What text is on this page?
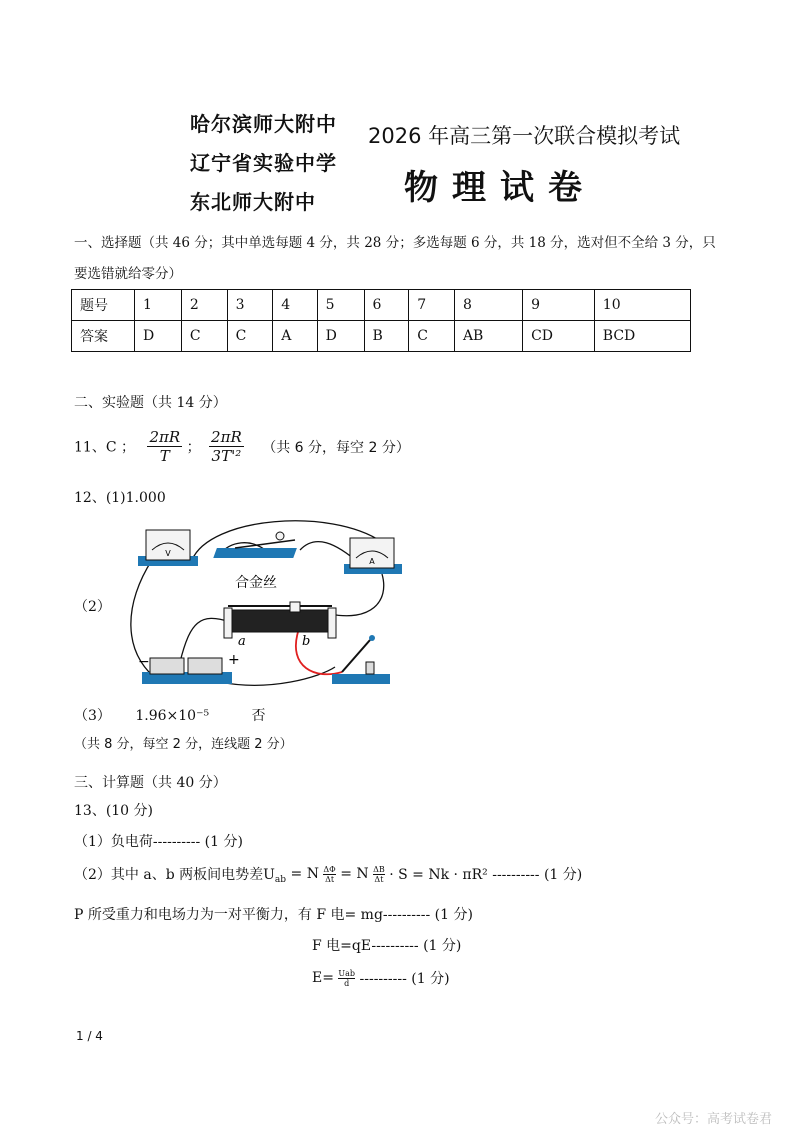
哈尔滨师大附中
辽宁省实验中学
东北师大附中
2026 年高三第一次联合模拟考试
物理试卷
一、选择题（共 46 分；其中单选每题 4 分，共 28 分；多选每题 6 分，共 18 分，选对但不全给 3 分，只
要选错就给零分）
题号	1	2	3	4	5	6	7	8	9	10
答案	D	C	C	A	D	B	C	AB	CD	BCD
二、实验题（共 14 分）
11、C ； $\frac{2\pi R}{T}$ ； $\frac{2\pi R}{\text{3T'²}}$ （共 6 分，每空 2 分）
12、(1)1.000
（2）
V
合金丝
A
a	b
−	+
（3） 1.96×10⁻⁵	否
（共 8 分，每空 2 分，连线题 2 分）
三、计算题（共 40 分）
13、(10 分)
（1）负电荷---------- (1 分)
（2）其中 a、b 两板间电势差$U_{ab} = N \frac{\Delta\Phi}{\Delta t} = N \frac{\Delta B}{\Delta t} \cdot S = Nk \cdot \pi R^2$ ---------- (1 分)
P 所受重力和电场力为一对平衡力，有 F 电= mg---------- (1 分)
F 电=qE---------- (1 分)
$E= \frac{\text{Uab}}{d}$ ---------- (1 分)
1 / 4
公众号：高考试卷君
